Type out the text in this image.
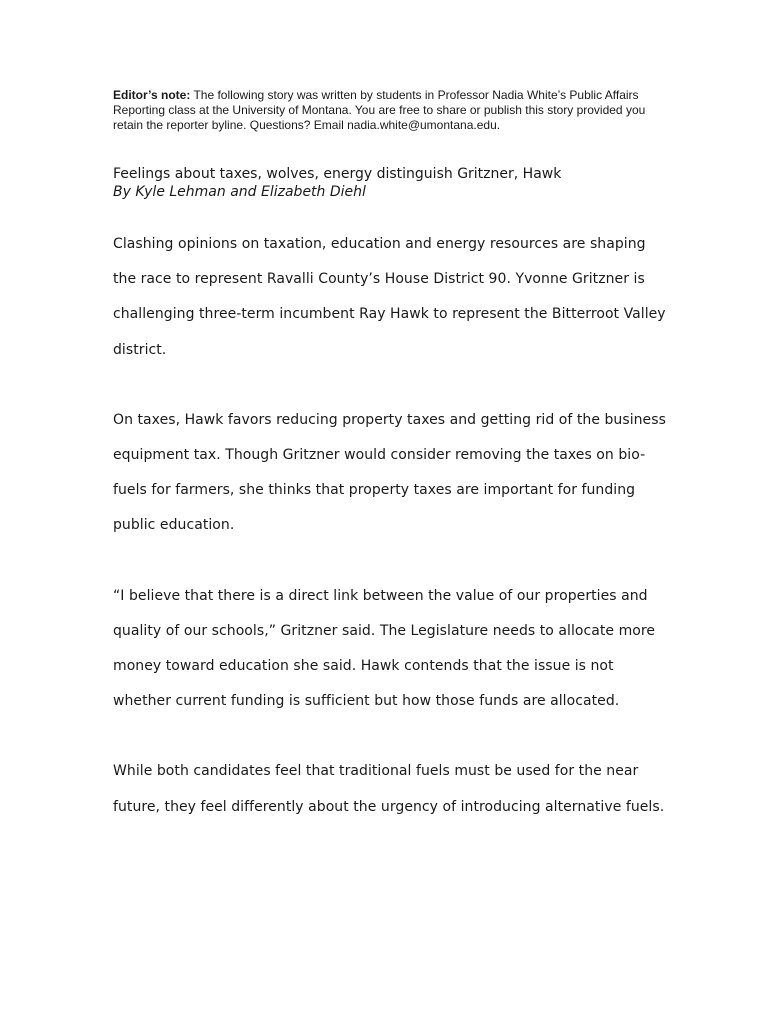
Editor’s note: The following story was written by students in Professor Nadia White’s Public Affairs Reporting class at the University of Montana. You are free to share or publish this story provided you retain the reporter byline. Questions? Email nadia.white@umontana.edu.

Feelings about taxes, wolves, energy distinguish Gritzner, Hawk

By Kyle Lehman and Elizabeth Diehl

Clashing opinions on taxation, education and energy resources are shaping the race to represent Ravalli County’s House District 90. Yvonne Gritzner is challenging three-term incumbent Ray Hawk to represent the Bitterroot Valley district.

On taxes, Hawk favors reducing property taxes and getting rid of the business equipment tax. Though Gritzner would consider removing the taxes on bio-fuels for farmers, she thinks that property taxes are important for funding public education.

“I believe that there is a direct link between the value of our properties and quality of our schools,” Gritzner said. The Legislature needs to allocate more money toward education she said. Hawk contends that the issue is not whether current funding is sufficient but how those funds are allocated.

While both candidates feel that traditional fuels must be used for the near future, they feel differently about the urgency of introducing alternative fuels.
